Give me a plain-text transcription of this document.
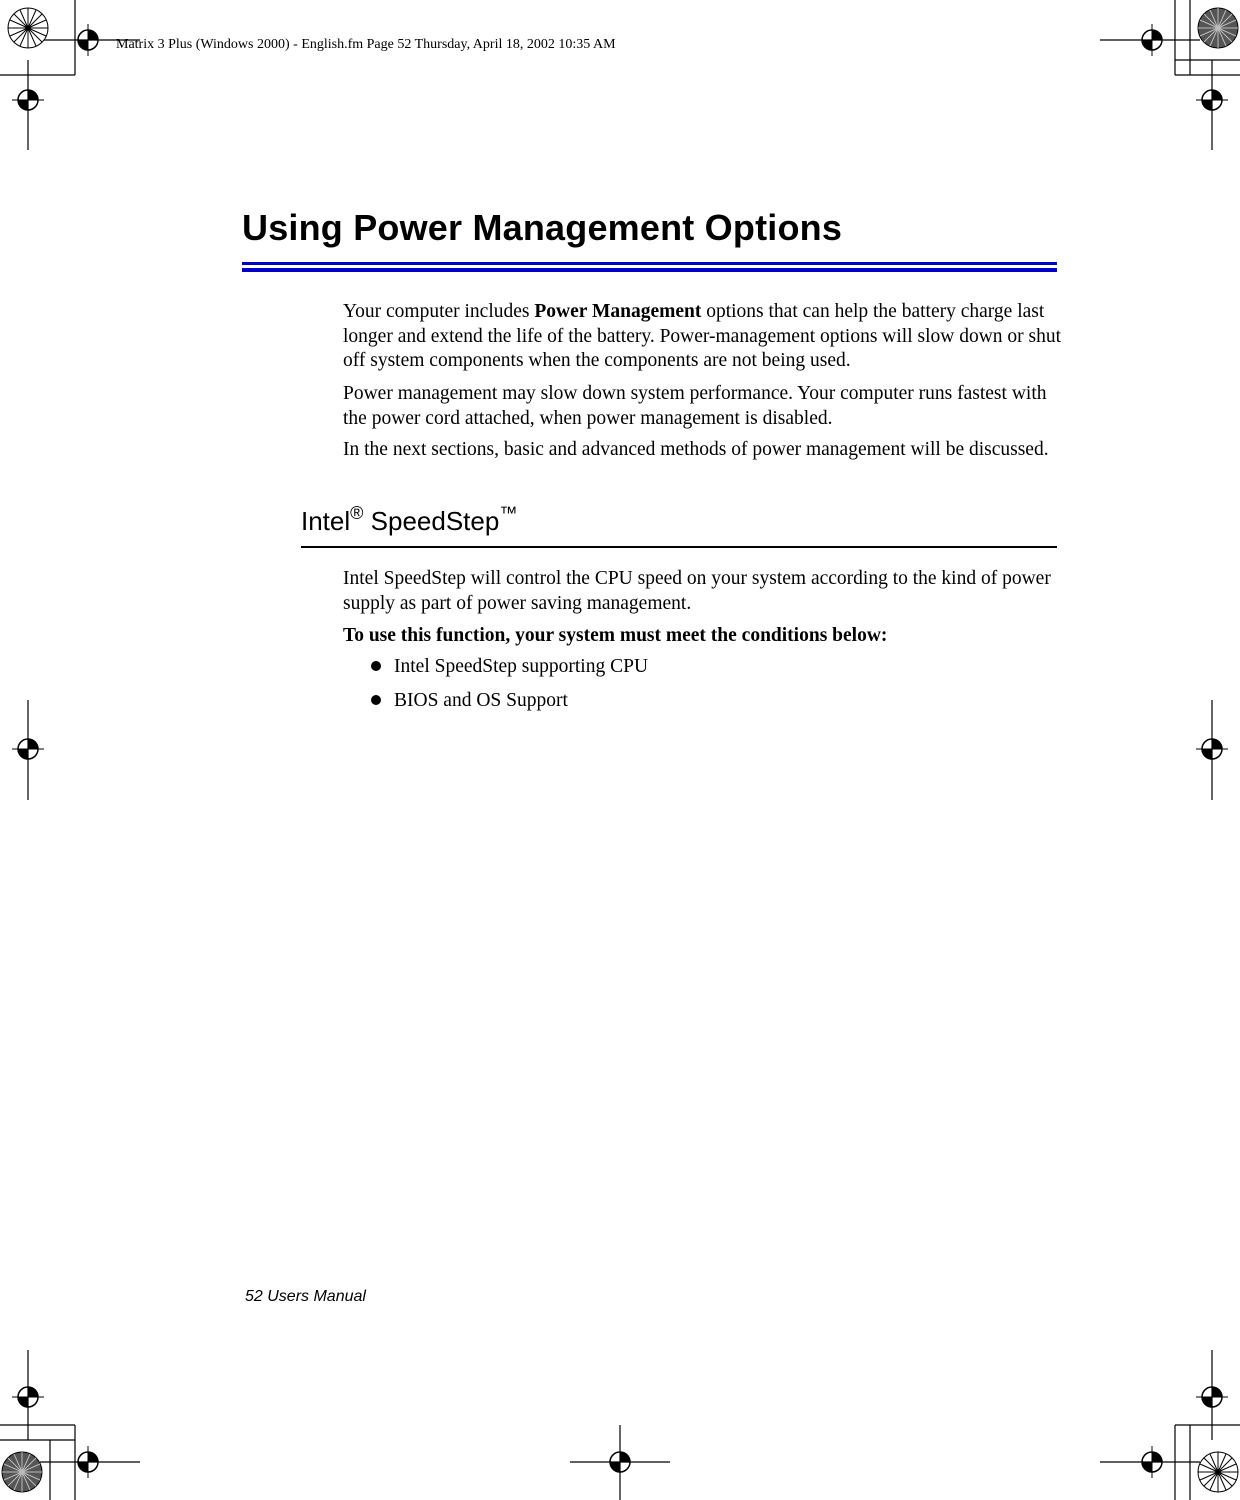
Matrix 3 Plus (Windows 2000) - English.fm Page 52 Thursday, April 18, 2002 10:35 AM
Using Power Management Options
Your computer includes Power Management options that can help the battery charge last longer and extend the life of the battery. Power-management options will slow down or shut off system components when the components are not being used.
Power management may slow down system performance. Your computer runs fastest with the power cord attached, when power management is disabled.
In the next sections, basic and advanced methods of power management will be discussed.
Intel® SpeedStep™
Intel SpeedStep will control the CPU speed on your system according to the kind of power supply as part of power saving management.
To use this function, your system must meet the conditions below:
Intel SpeedStep supporting CPU
BIOS and OS Support
52 Users Manual
